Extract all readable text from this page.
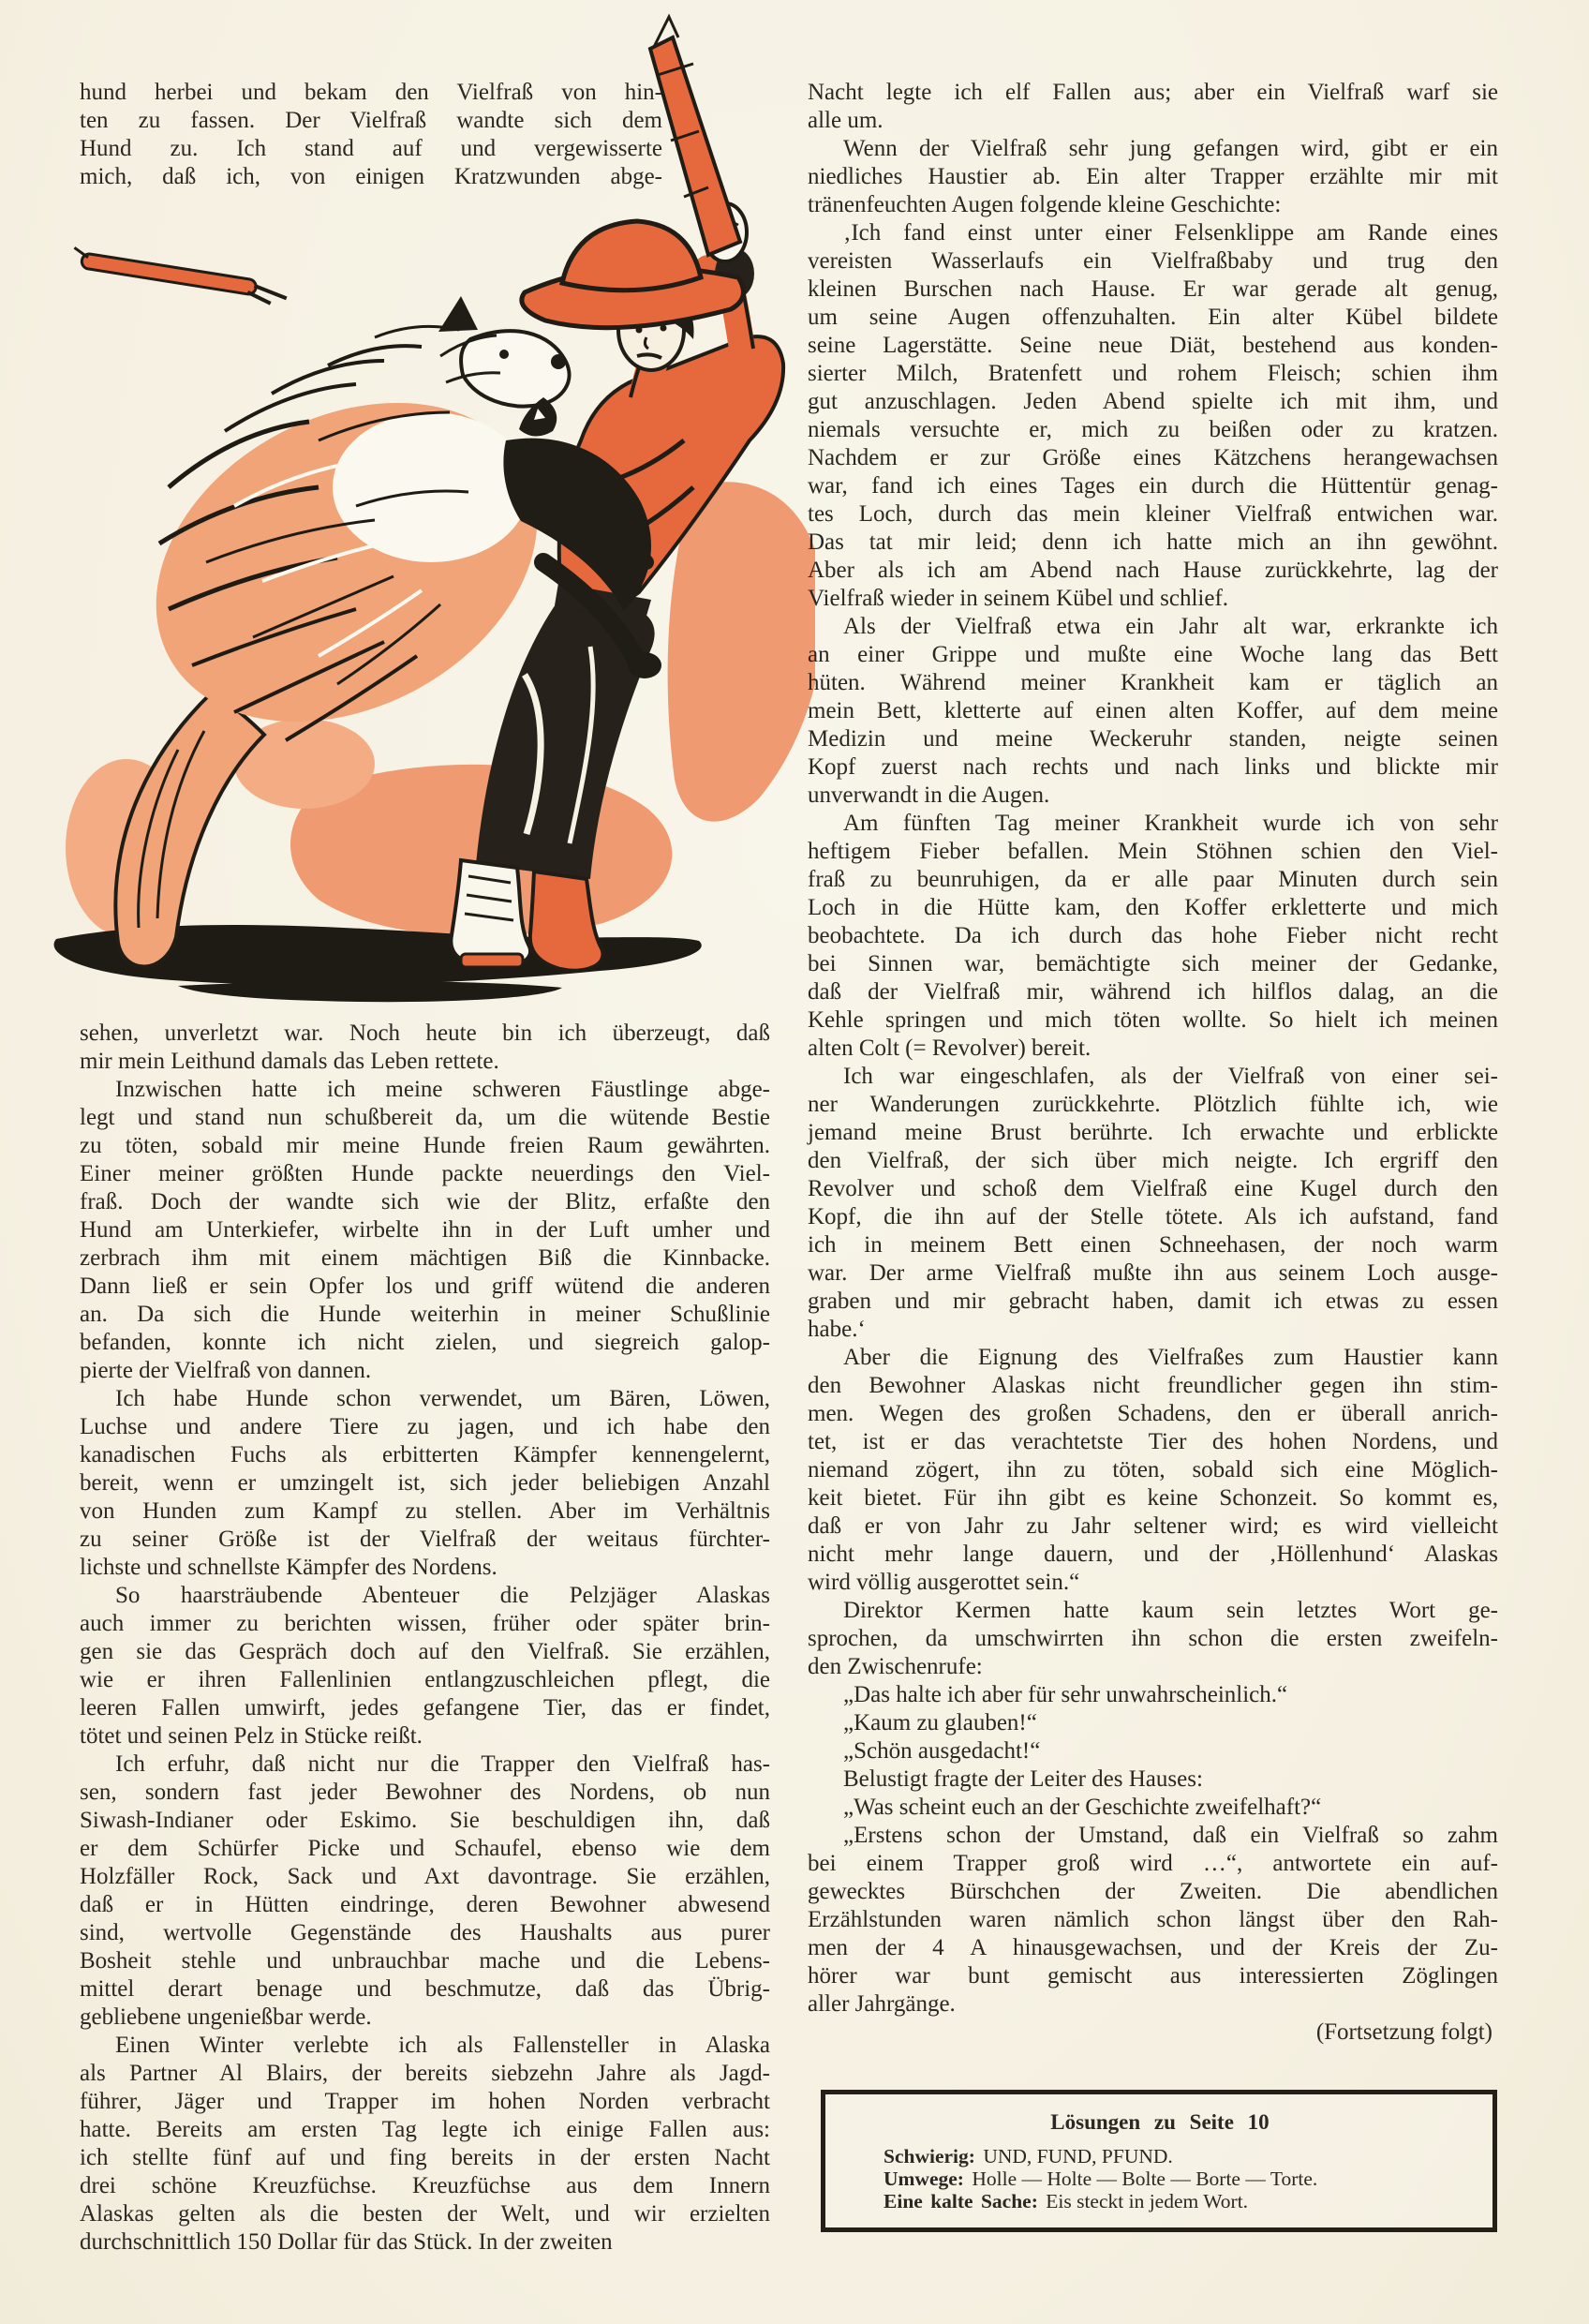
hund herbei und bekam den Vielfraß von hin-
ten zu fassen. Der Vielfraß wandte sich dem
Hund zu. Ich stand auf und vergewisserte
mich, daß ich, von einigen Kratzwunden abge-
sehen, unverletzt war. Noch heute bin ich überzeugt, daß
mir mein Leithund damals das Leben rettete.
Inzwischen hatte ich meine schweren Fäustlinge abge-
legt und stand nun schußbereit da, um die wütende Bestie
zu töten, sobald mir meine Hunde freien Raum gewährten.
Einer meiner größten Hunde packte neuerdings den Viel-
fraß. Doch der wandte sich wie der Blitz, erfaßte den
Hund am Unterkiefer, wirbelte ihn in der Luft umher und
zerbrach ihm mit einem mächtigen Biß die Kinnbacke.
Dann ließ er sein Opfer los und griff wütend die anderen
an. Da sich die Hunde weiterhin in meiner Schußlinie
befanden, konnte ich nicht zielen, und siegreich galop-
pierte der Vielfraß von dannen.
Ich habe Hunde schon verwendet, um Bären, Löwen,
Luchse und andere Tiere zu jagen, und ich habe den
kanadischen Fuchs als erbitterten Kämpfer kennengelernt,
bereit, wenn er umzingelt ist, sich jeder beliebigen Anzahl
von Hunden zum Kampf zu stellen. Aber im Verhältnis
zu seiner Größe ist der Vielfraß der weitaus fürchter-
lichste und schnellste Kämpfer des Nordens.
So haarsträubende Abenteuer die Pelzjäger Alaskas
auch immer zu berichten wissen, früher oder später brin-
gen sie das Gespräch doch auf den Vielfraß. Sie erzählen,
wie er ihren Fallenlinien entlangzuschleichen pflegt, die
leeren Fallen umwirft, jedes gefangene Tier, das er findet,
tötet und seinen Pelz in Stücke reißt.
Ich erfuhr, daß nicht nur die Trapper den Vielfraß has-
sen, sondern fast jeder Bewohner des Nordens, ob nun
Siwash-Indianer oder Eskimo. Sie beschuldigen ihn, daß
er dem Schürfer Picke und Schaufel, ebenso wie dem
Holzfäller Rock, Sack und Axt davontrage. Sie erzählen,
daß er in Hütten eindringe, deren Bewohner abwesend
sind, wertvolle Gegenstände des Haushalts aus purer
Bosheit stehle und unbrauchbar mache und die Lebens-
mittel derart benage und beschmutze, daß das Übrig-
gebliebene ungenießbar werde.
Einen Winter verlebte ich als Fallensteller in Alaska
als Partner Al Blairs, der bereits siebzehn Jahre als Jagd-
führer, Jäger und Trapper im hohen Norden verbracht
hatte. Bereits am ersten Tag legte ich einige Fallen aus:
ich stellte fünf auf und fing bereits in der ersten Nacht
drei schöne Kreuzfüchse. Kreuzfüchse aus dem Innern
Alaskas gelten als die besten der Welt, und wir erzielten
durchschnittlich 150 Dollar für das Stück. In der zweiten
Nacht legte ich elf Fallen aus; aber ein Vielfraß warf sie
alle um.
Wenn der Vielfraß sehr jung gefangen wird, gibt er ein
niedliches Haustier ab. Ein alter Trapper erzählte mir mit
tränenfeuchten Augen folgende kleine Geschichte:
‚Ich fand einst unter einer Felsenklippe am Rande eines
vereisten Wasserlaufs ein Vielfraßbaby und trug den
kleinen Burschen nach Hause. Er war gerade alt genug,
um seine Augen offenzuhalten. Ein alter Kübel bildete
seine Lagerstätte. Seine neue Diät, bestehend aus konden-
sierter Milch, Bratenfett und rohem Fleisch; schien ihm
gut anzuschlagen. Jeden Abend spielte ich mit ihm, und
niemals versuchte er, mich zu beißen oder zu kratzen.
Nachdem er zur Größe eines Kätzchens herangewachsen
war, fand ich eines Tages ein durch die Hüttentür genag-
tes Loch, durch das mein kleiner Vielfraß entwichen war.
Das tat mir leid; denn ich hatte mich an ihn gewöhnt.
Aber als ich am Abend nach Hause zurückkehrte, lag der
Vielfraß wieder in seinem Kübel und schlief.
Als der Vielfraß etwa ein Jahr alt war, erkrankte ich
an einer Grippe und mußte eine Woche lang das Bett
hüten. Während meiner Krankheit kam er täglich an
mein Bett, kletterte auf einen alten Koffer, auf dem meine
Medizin und meine Weckeruhr standen, neigte seinen
Kopf zuerst nach rechts und nach links und blickte mir
unverwandt in die Augen.
Am fünften Tag meiner Krankheit wurde ich von sehr
heftigem Fieber befallen. Mein Stöhnen schien den Viel-
fraß zu beunruhigen, da er alle paar Minuten durch sein
Loch in die Hütte kam, den Koffer erkletterte und mich
beobachtete. Da ich durch das hohe Fieber nicht recht
bei Sinnen war, bemächtigte sich meiner der Gedanke,
daß der Vielfraß mir, während ich hilflos dalag, an die
Kehle springen und mich töten wollte. So hielt ich meinen
alten Colt (= Revolver) bereit.
Ich war eingeschlafen, als der Vielfraß von einer sei-
ner Wanderungen zurückkehrte. Plötzlich fühlte ich, wie
jemand meine Brust berührte. Ich erwachte und erblickte
den Vielfraß, der sich über mich neigte. Ich ergriff den
Revolver und schoß dem Vielfraß eine Kugel durch den
Kopf, die ihn auf der Stelle tötete. Als ich aufstand, fand
ich in meinem Bett einen Schneehasen, der noch warm
war. Der arme Vielfraß mußte ihn aus seinem Loch ausge-
graben und mir gebracht haben, damit ich etwas zu essen
habe.‘
Aber die Eignung des Vielfraßes zum Haustier kann
den Bewohner Alaskas nicht freundlicher gegen ihn stim-
men. Wegen des großen Schadens, den er überall anrich-
tet, ist er das verachtetste Tier des hohen Nordens, und
niemand zögert, ihn zu töten, sobald sich eine Möglich-
keit bietet. Für ihn gibt es keine Schonzeit. So kommt es,
daß er von Jahr zu Jahr seltener wird; es wird vielleicht
nicht mehr lange dauern, und der ‚Höllenhund‘ Alaskas
wird völlig ausgerottet sein.“
Direktor Kermen hatte kaum sein letztes Wort ge-
sprochen, da umschwirrten ihn schon die ersten zweifeln-
den Zwischenrufe:
„Das halte ich aber für sehr unwahrscheinlich.“
„Kaum zu glauben!“
„Schön ausgedacht!“
Belustigt fragte der Leiter des Hauses:
„Was scheint euch an der Geschichte zweifelhaft?“
„Erstens schon der Umstand, daß ein Vielfraß so zahm
bei einem Trapper groß wird …“, antwortete ein auf-
gewecktes Bürschchen der Zweiten. Die abendlichen
Erzählstunden waren nämlich schon längst über den Rah-
men der 4 A hinausgewachsen, und der Kreis der Zu-
hörer war bunt gemischt aus interessierten Zöglingen
aller Jahrgänge.
(Fortsetzung folgt)
Lösungen zu Seite 10
Schwierig: UND, FUND, PFUND.
Umwege: Holle — Holte — Bolte — Borte — Torte.
Eine kalte Sache: Eis steckt in jedem Wort.
